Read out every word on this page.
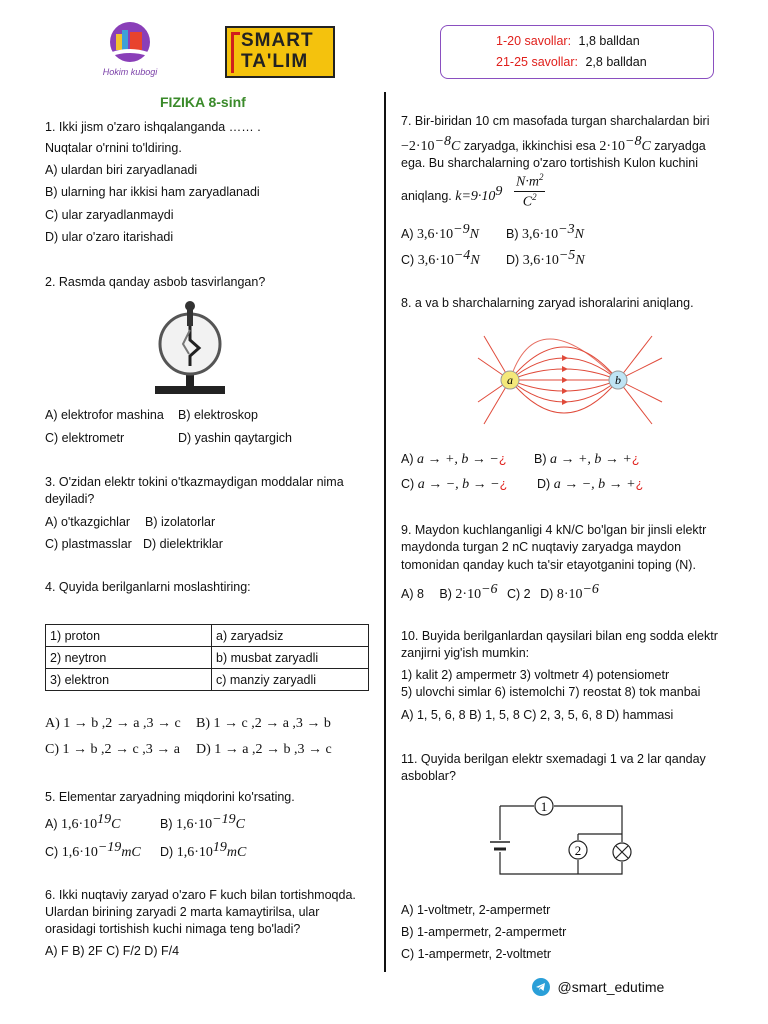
Hokim kubogi
SMART
TA'LIM
1-20 savollar: 1,8 balldan
21-25 savollar: 2,8 balldan
FIZIKA 8-sinf
1. Ikki jism o'zaro ishqalanganda …… .
Nuqtalar o'rnini to'ldiring.
A) ulardan biri zaryadlanadi
B) ularning har ikkisi ham zaryadlanadi
C) ular zaryadlanmaydi
D) ular o'zaro itarishadi
2. Rasmda qanday asbob tasvirlangan?
A) elektrofor mashina B) elektroskop
C) elektrometr	D) yashin qaytargich
3. O'zidan elektr tokini o'tkazmaydigan moddalar nima
deyiladi?
A) o'tkazgichlar B) izolatorlar
C) plastmasslar D) dielektriklar
4. Quyida berilganlarni moslashtiring:
1) proton	a) zaryadsiz
2) neytron	b) musbat zaryadli
3) elektron	c) manziy zaryadli
A) 1 → b ,2 → a ,3 → c B) 1 → c ,2 → a ,3 → b
C) 1 → b ,2 → c ,3 → a D) 1 → a ,2 → b ,3 → c
5. Elementar zaryadning miqdorini ko'rsating.
A) $1,6\cdot 10^{19}C$	B) $1,6\cdot 10^{-19}C$
C) $1,6\cdot 10^{-19}mC$ D) $1,6\cdot 10^{19}mC$
6. Ikki nuqtaviy zaryad o'zaro F kuch bilan tortishmoqda.
Ulardan birining zaryadi 2 marta kamaytirilsa, ular
orasidagi tortishish kuchi nimaga teng bo'ladi?
A) F B) 2F C) F/2 D) F/4
7. Bir-biridan 10 cm masofada turgan sharchalardan biri
$-2\cdot 10^{-8}C$ zaryadga, ikkinchisi esa $2\cdot 10^{-8}C$ zaryadga
ega. Bu sharchalarning o'zaro tortishish Kulon kuchini
aniqlang. $k=9\cdot 10^9$
$N\cdot m^2$
$C^2$
A) $3,6\cdot 10^{-9}N$ B) $3,6\cdot 10^{-3}N$
C) $3,6\cdot 10^{-4}N$ D) $3,6\cdot 10^{-5}N$
8. a va b sharchalarning zaryad ishoralarini aniqlang.
a	b
A) a → +, b → −¿ B) a → +, b → +¿
C) a → −, b → −¿ D) a → −, b → +¿
9. Maydon kuchlanganligi 4 kN/C bo'lgan bir jinsli elektr
maydonda turgan 2 nC nuqtaviy zaryadga maydon
tomonidan qanday kuch ta'sir etayotganini toping (N).
A) 8 B) $2\cdot 10^{-6}$ C) 2 D) $8\cdot 10^{-6}$
10. Buyida berilganlardan qaysilari bilan eng sodda elektr
zanjirni yig'ish mumkin:
1) kalit 2) ampermetr 3) voltmetr 4) potensiometr
5) ulovchi simlar 6) istemolchi 7) reostat 8) tok manbai
A) 1, 5, 6, 8 B) 1, 5, 8 C) 2, 3, 5, 6, 8 D) hammasi
11. Quyida berilgan elektr sxemadagi 1 va 2 lar qanday
asboblar?
1
2
A) 1-voltmetr, 2-ampermetr
B) 1-ampermetr, 2-ampermetr
C) 1-ampermetr, 2-voltmetr
@smart_edutime
